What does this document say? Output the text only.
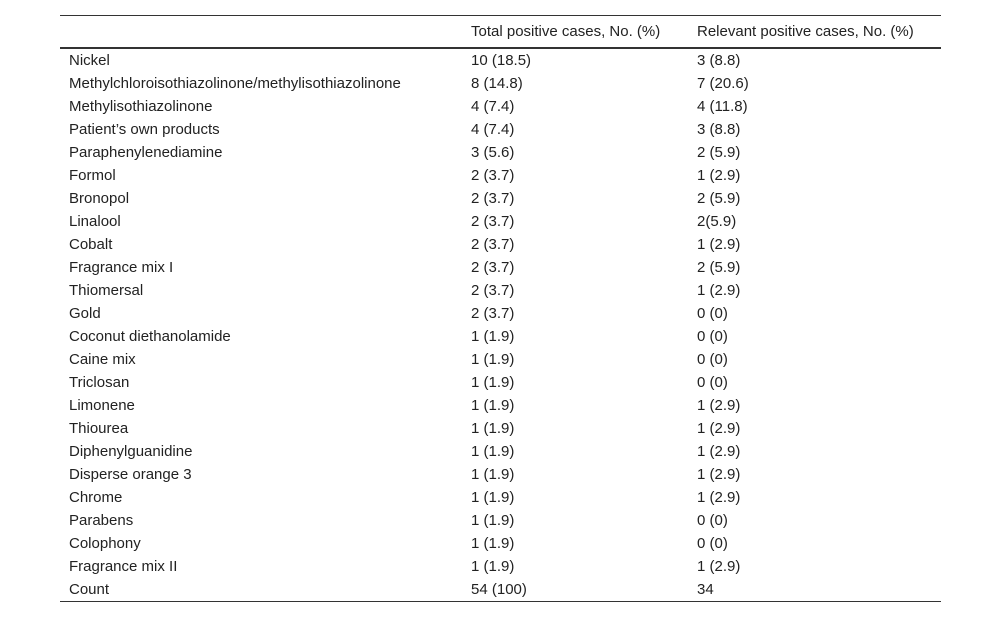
	Total positive cases, No. (%)	Relevant positive cases, No. (%)
Nickel	10 (18.5)	3 (8.8)
Methylchloroisothiazolinone/methylisothiazolinone	8 (14.8)	7 (20.6)
Methylisothiazolinone	4 (7.4)	4 (11.8)
Patient’s own products	4 (7.4)	3 (8.8)
Paraphenylenediamine	3 (5.6)	2 (5.9)
Formol	2 (3.7)	1 (2.9)
Bronopol	2 (3.7)	2 (5.9)
Linalool	2 (3.7)	2(5.9)
Cobalt	2 (3.7)	1 (2.9)
Fragrance mix I	2 (3.7)	2 (5.9)
Thiomersal	2 (3.7)	1 (2.9)
Gold	2 (3.7)	0 (0)
Coconut diethanolamide	1 (1.9)	0 (0)
Caine mix	1 (1.9)	0 (0)
Triclosan	1 (1.9)	0 (0)
Limonene	1 (1.9)	1 (2.9)
Thiourea	1 (1.9)	1 (2.9)
Diphenylguanidine	1 (1.9)	1 (2.9)
Disperse orange 3	1 (1.9)	1 (2.9)
Chrome	1 (1.9)	1 (2.9)
Parabens	1 (1.9)	0 (0)
Colophony	1 (1.9)	0 (0)
Fragrance mix II	1 (1.9)	1 (2.9)
Count	54 (100)	34
